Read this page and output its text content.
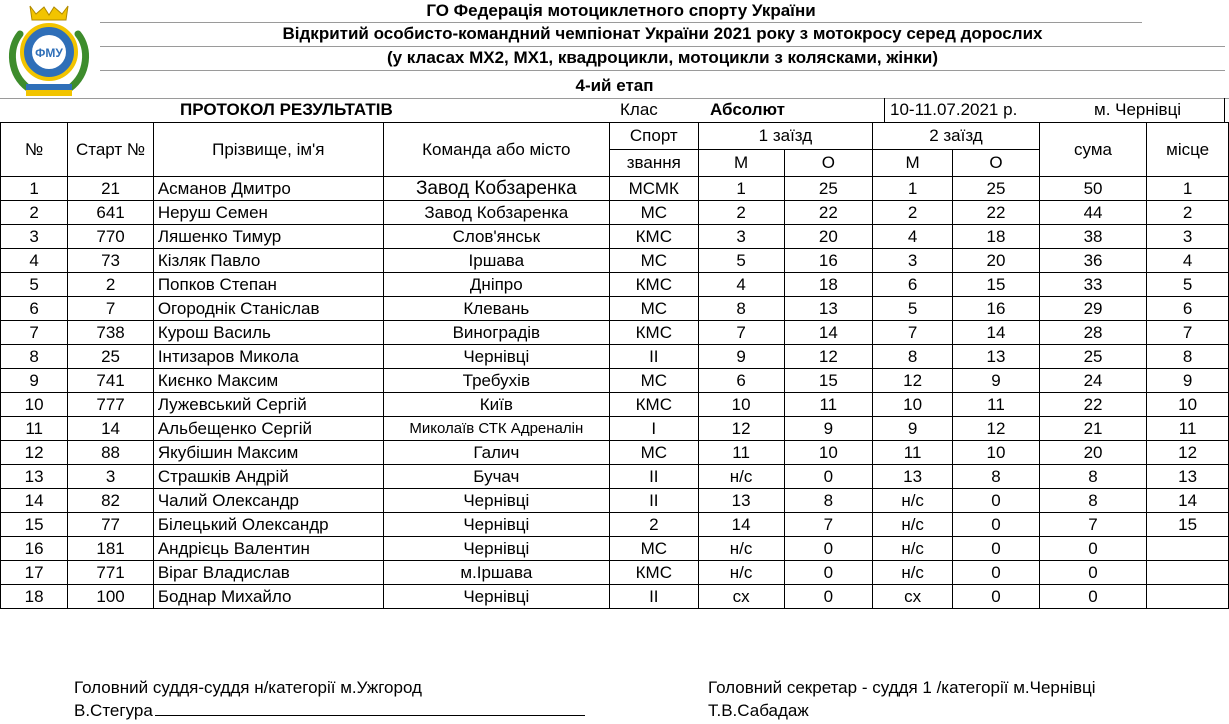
ФМУ
ГО Федерація мотоциклетного спорту України
Відкритий особисто-командний чемпіонат України 2021 року з мотокросу серед дорослих
(у класах МХ2, МХ1, квадроцикли, мотоцикли з колясками, жінки)
4-ий етап
ПРОТОКОЛ РЕЗУЛЬТАТІВ	Клас	Абсолют	10-11.07.2021 р.	м. Чернівці
№	Старт №	Прізвище, ім'я	Команда або місто	Спорт	1 заїзд		2 заїзд		сума	місце
				звання	М	О	М	О		
1	21	Асманов Дмитро	Завод Кобзаренка	МСМК	1	25	1	25	50	1
2	641	Неруш Семен	Завод Кобзаренка	МС	2	22	2	22	44	2
3	770	Ляшенко Тимур	Слов'янськ	КМС	3	20	4	18	38	3
4	73	Кізляк Павло	Іршава	МС	5	16	3	20	36	4
5	2	Попков Степан	Дніпро	КМС	4	18	6	15	33	5
6	7	Огороднік Станіслав	Клевань	МС	8	13	5	16	29	6
7	738	Курош Василь	Виноградів	КМС	7	14	7	14	28	7
8	25	Інтизаров Микола	Чернівці	ІІ	9	12	8	13	25	8
9	741	Києнко Максим	Требухів	МС	6	15	12	9	24	9
10	777	Лужевський Сергій	Київ	КМС	10	11	10	11	22	10
11	14	Альбещенко Сергій	Миколаїв СТК Адреналін	І	12	9	9	12	21	11
12	88	Якубішин Максим	Галич	МС	11	10	11	10	20	12
13	3	Страшків Андрій	Бучач	ІІ	н/с	0	13	8	8	13
14	82	Чалий Олександр	Чернівці	ІІ	13	8	н/с	0	8	14
15	77	Білецький Олександр	Чернівці	2	14	7	н/с	0	7	15
16	181	Андрієць Валентин	Чернівці	МС	н/с	0	н/с	0	0	
17	771	Віраг Владислав	м.Іршава	КМС	н/с	0	н/с	0	0	
18	100	Боднар Михайло	Чернівці	ІІ	сх	0	сх	0	0	
Головний суддя-суддя н/категорії м.Ужгород
В.Стегура
Головний секретар - суддя 1 /категорії м.Чернівці
Т.В.Сабадаж
